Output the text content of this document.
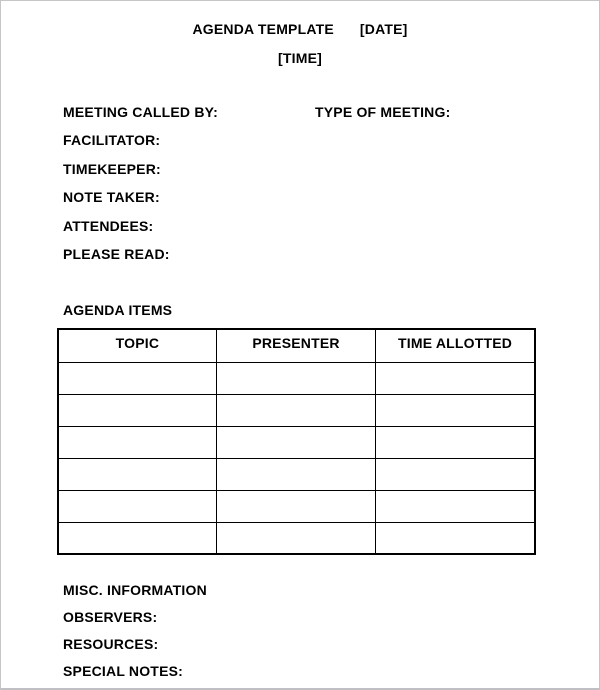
AGENDA TEMPLATE [DATE]
[TIME]
MEETING CALLED BY:	TYPE OF MEETING:
FACILITATOR:
TIMEKEEPER:
NOTE TAKER:
ATTENDEES:
PLEASE READ:
AGENDA ITEMS
TOPIC	PRESENTER	TIME ALLOTTED

MISC. INFORMATION
OBSERVERS:
RESOURCES:
SPECIAL NOTES:
